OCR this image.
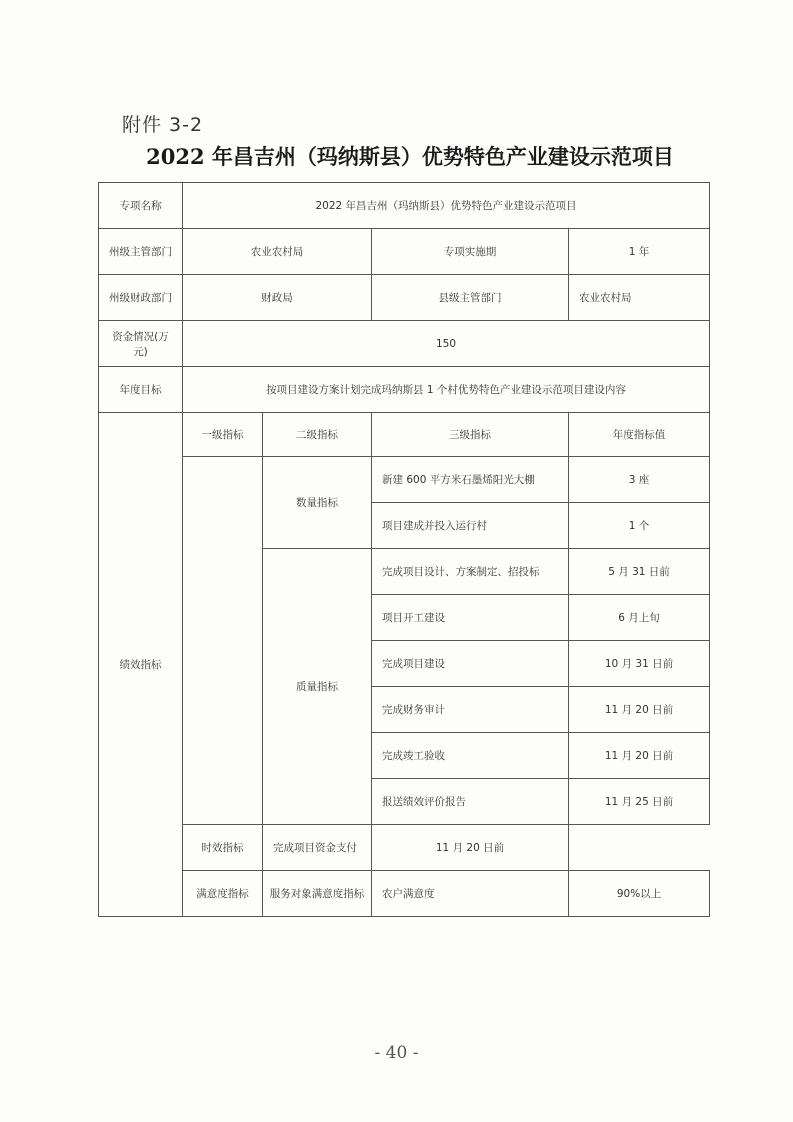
附件 3-2
2022 年昌吉州（玛纳斯县）优势特色产业建设示范项目
专项名称	2022 年昌吉州（玛纳斯县）优势特色产业建设示范项目			
州级主管部门	农业农村局		专项实施期	1 年
州级财政部门	财政局		县级主管部门	农业农村局
资金情况(万元)	150			
年度目标	按项目建设方案计划完成玛纳斯县 1 个村优势特色产业建设示范项目建设内容			
绩效指标	一级指标	二级指标	三级指标	年度指标值
		数量指标	新建 600 平方米石墨烯阳光大棚	3 座
			项目建成并投入运行村	1 个
		质量指标	完成项目设计、方案制定、招投标	5 月 31 日前
			项目开工建设	6 月上旬
			完成项目建设	10 月 31 日前
			完成财务审计	11 月 20 日前
			完成竣工验收	11 月 20 日前
			报送绩效评价报告	11 月 25 日前
	时效指标	完成项目资金支付	11 月 20 日前	
	满意度指标	服务对象满意度指标	农户满意度	90%以上
- 40 -
